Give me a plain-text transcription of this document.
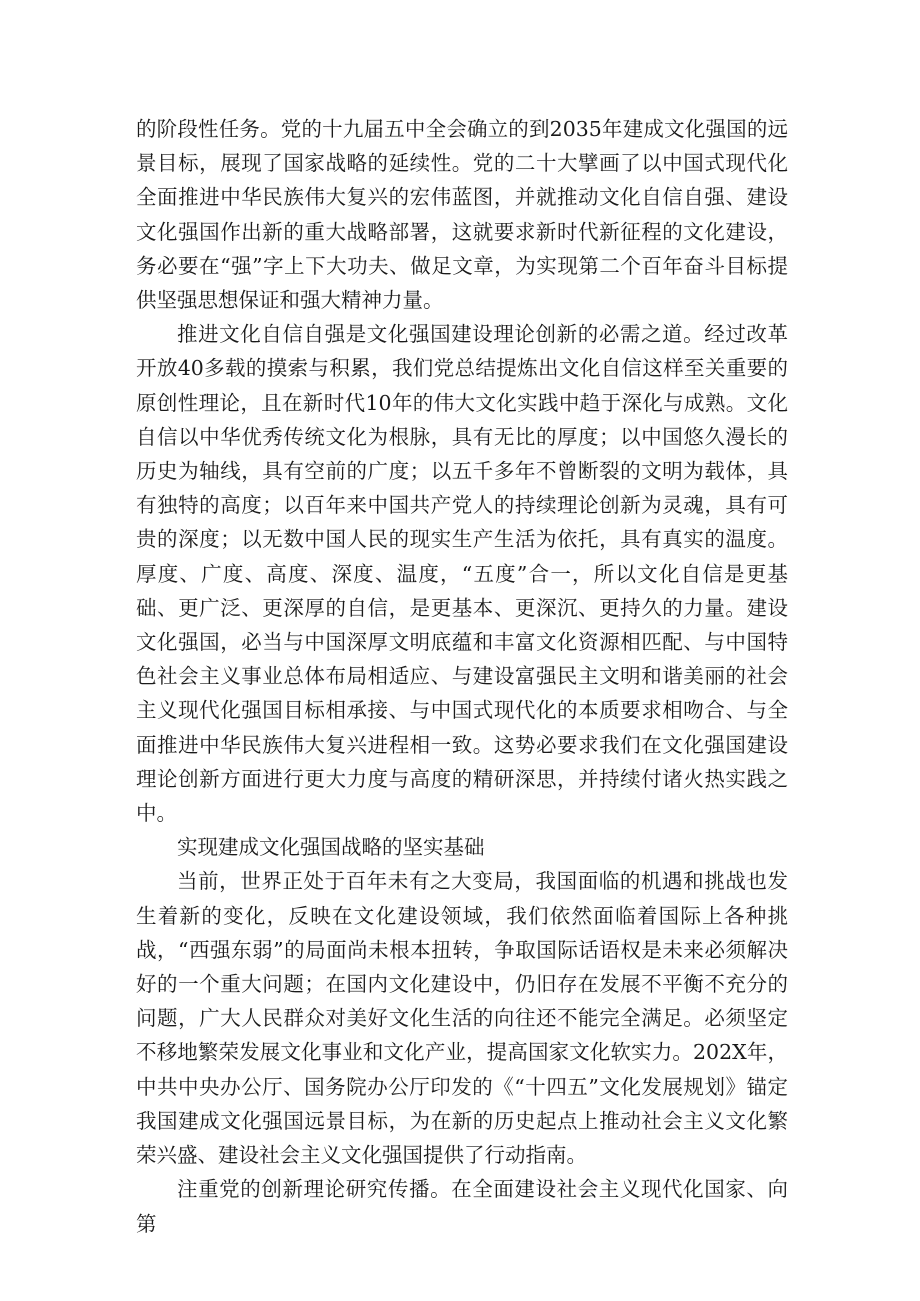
的阶段性任务。党的十九届五中全会确立的到2035年建成文化强国的远景目标，展现了国家战略的延续性。党的二十大擘画了以中国式现代化全面推进中华民族伟大复兴的宏伟蓝图，并就推动文化自信自强、建设文化强国作出新的重大战略部署，这就要求新时代新征程的文化建设，务必要在“强”字上下大功夫、做足文章，为实现第二个百年奋斗目标提供坚强思想保证和强大精神力量。

推进文化自信自强是文化强国建设理论创新的必需之道。经过改革开放40多载的摸索与积累，我们党总结提炼出文化自信这样至关重要的原创性理论，且在新时代10年的伟大文化实践中趋于深化与成熟。文化自信以中华优秀传统文化为根脉，具有无比的厚度；以中国悠久漫长的历史为轴线，具有空前的广度；以五千多年不曾断裂的文明为载体，具有独特的高度；以百年来中国共产党人的持续理论创新为灵魂，具有可贵的深度；以无数中国人民的现实生产生活为依托，具有真实的温度。厚度、广度、高度、深度、温度，“五度”合一，所以文化自信是更基础、更广泛、更深厚的自信，是更基本、更深沉、更持久的力量。建设文化强国，必当与中国深厚文明底蕴和丰富文化资源相匹配、与中国特色社会主义事业总体布局相适应、与建设富强民主文明和谐美丽的社会主义现代化强国目标相承接、与中国式现代化的本质要求相吻合、与全面推进中华民族伟大复兴进程相一致。这势必要求我们在文化强国建设理论创新方面进行更大力度与高度的精研深思，并持续付诸火热实践之中。

实现建成文化强国战略的坚实基础

当前，世界正处于百年未有之大变局，我国面临的机遇和挑战也发生着新的变化，反映在文化建设领域，我们依然面临着国际上各种挑战，“西强东弱”的局面尚未根本扭转，争取国际话语权是未来必须解决好的一个重大问题；在国内文化建设中，仍旧存在发展不平衡不充分的问题，广大人民群众对美好文化生活的向往还不能完全满足。必须坚定不移地繁荣发展文化事业和文化产业，提高国家文化软实力。202X年，中共中央办公厅、国务院办公厅印发的《“十四五”文化发展规划》锚定我国建成文化强国远景目标，为在新的历史起点上推动社会主义文化繁荣兴盛、建设社会主义文化强国提供了行动指南。

注重党的创新理论研究传播。在全面建设社会主义现代化国家、向第
